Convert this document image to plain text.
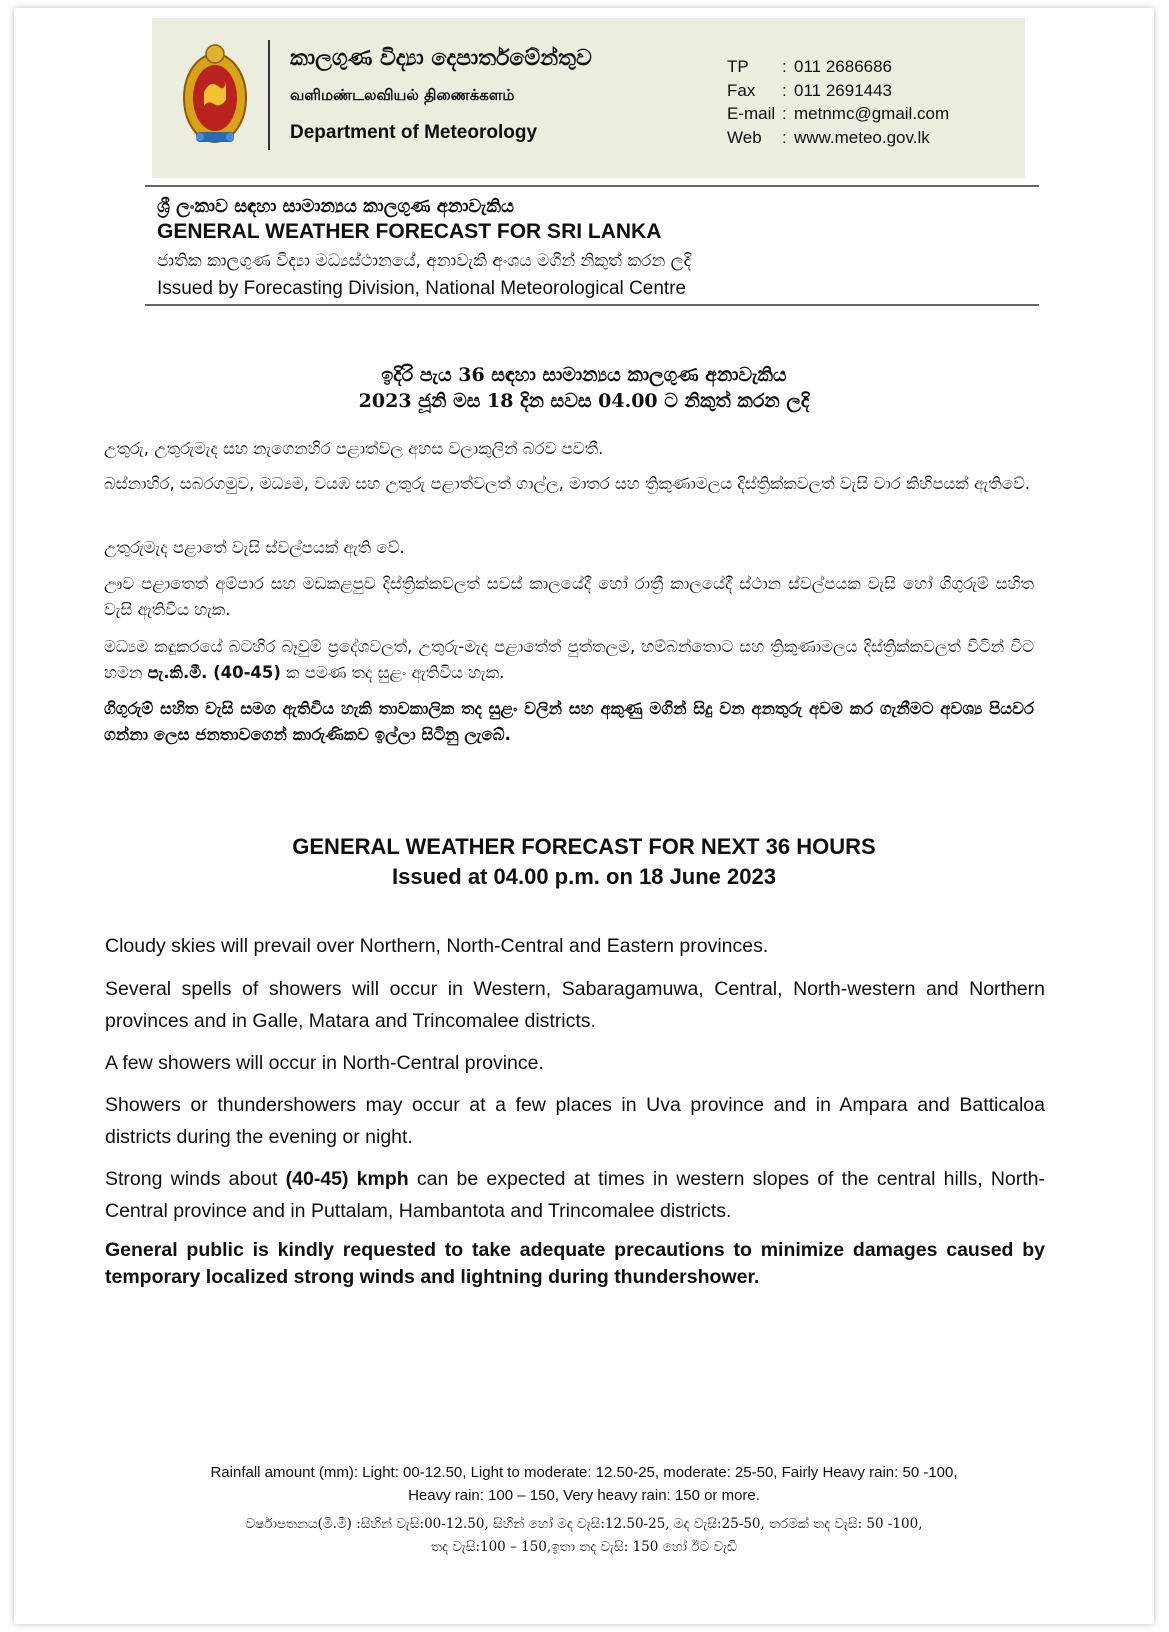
කාලගුණ විද්‍යා දෙපාර්තමේන්තුව
வளிமண்டலவியல் திணைக்களம்
Department of Meteorology
TP	: 011 2686686
Fax	: 011 2691443
E-mail : metnmc@gmail.com
Web	: www.meteo.gov.lk
ශ්‍රී ලංකාව සඳහා සාමාන්‍යය කාලගුණ අනාවැකිය
GENERAL WEATHER FORECAST FOR SRI LANKA
ජාතික කාලගුණ විද්‍යා මධ්‍යස්ථානයේ, අනාවැකි අංශය මගින් නිකුත් කරන ලදි
Issued by Forecasting Division, National Meteorological Centre
ඉදිරි පැය 36 සඳහා සාමාන්‍යය කාලගුණ අනාවැකිය
2023 ජූනි මස 18 දින සවස 04.00 ට නිකුත් කරන ලදි
උතුරු, උතුරුමැද සහ නැගෙනහිර පළාත්වල අහස වලාකුලින් බරව පවතී.
බස්නාහිර, සබරගමුව, මධ්‍යම, වයඹ සහ උතුරු පළාත්වලත් ගාල්ල, මාතර සහ ත්‍රිකුණාමලය දිස්ත්‍රික්කවලත් වැසි වාර කිහිපයක් ඇතිවේ.
උතුරුමැද පළාතේ වැසි ස්වල්පයක් ඇති වේ.
ඌව පළාතෙත් අම්පාර සහ මඩකළපුව දිස්ත්‍රික්කවලත් සවස් කාලයේදී හෝ රාත්‍රී කාලයේදී ස්ථාන ස්වල්පයක වැසි හෝ ගිගුරුම් සහිත වැසි ඇතිවිය හැක.
මධ්‍යම කඳුකරයේ බටහිර බෑවුම් ප්‍රදේශවලත්, උතුරු-මැද පළාතේත් පුත්තලම, හම්බන්තොට සහ ත්‍රිකුණාමලය දිස්ත්‍රික්කවලත් විටින් විට හමන පැ.කි.මී. (40-45) ක පමණ තද සුළං ඇතිවිය හැක.
ගිගුරුම් සහිත වැසි සමග ඇතිවිය හැකි තාවකාලික තද සුළං වලින් සහ අකුණු මගින් සිදු වන අනතුරු අවම කර ගැනීමට අවශ්‍ය පියවර ගන්නා ලෙස ජනතාවගෙන් කාරුණිකව ඉල්ලා සිටිනු ලැබේ.
GENERAL WEATHER FORECAST FOR NEXT 36 HOURS
Issued at 04.00 p.m. on 18 June 2023
Cloudy skies will prevail over Northern, North-Central and Eastern provinces.
Several spells of showers will occur in Western, Sabaragamuwa, Central, North-western and Northern provinces and in Galle, Matara and Trincomalee districts.
A few showers will occur in North-Central province.
Showers or thundershowers may occur at a few places in Uva province and in Ampara and Batticaloa districts during the evening or night.
Strong winds about (40-45) kmph can be expected at times in western slopes of the central hills, North-Central province and in Puttalam, Hambantota and Trincomalee districts.
General public is kindly requested to take adequate precautions to minimize damages caused by temporary localized strong winds and lightning during thundershower.
Rainfall amount (mm): Light: 00-12.50, Light to moderate: 12.50-25, moderate: 25-50, Fairly Heavy rain: 50 -100,
Heavy rain: 100 – 150, Very heavy rain: 150 or more.
වර්ෂාපතනය(මි.මී) :සිහින් වැසි:00-12.50, සිහින් හෝ මද වැසි:12.50-25, මද වැසි:25-50, තරමක් තද වැසි: 50 -100,
තද වැසි:100 – 150,ඉතා තද වැසි: 150 හෝ ඊට වැඩි
